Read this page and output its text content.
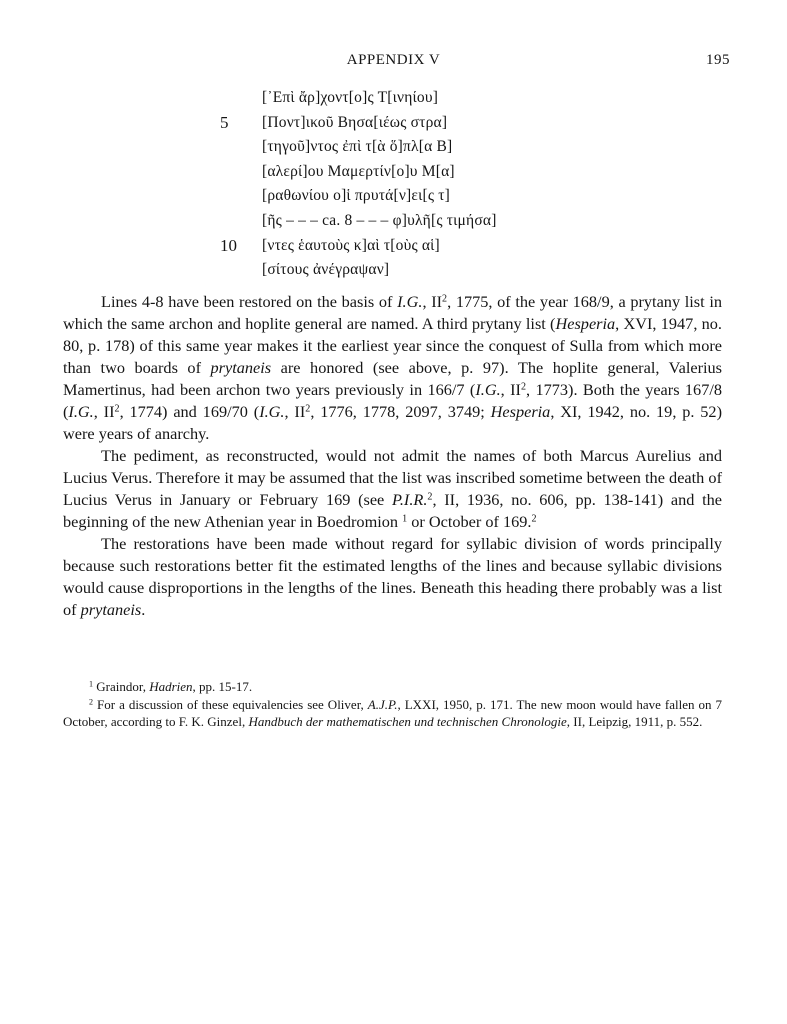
APPENDIX V	195
[᾿Επὶ ἄρ]χοντ[ο]ς Τ[ινηίου]
5	[Ποντ]ικοῦ Βησα[ιέως στρα]
[τηγοῦ]ντος ἐπὶ τ[ὰ ὅ]πλ[α Β]
[αλερί]ου Μαμερτίν[ο]υ Μ[α]
[ραθωνίου ο]ἱ πρυτά[ν]ει[ς τ]
[ῆς – – – ca. 8 – – – φ]υλῆ[ς τιμήσα]
10	[ντες ἑαυτοὺς κ]αὶ τ[οὺς αἱ]
[σίτους ἀνέγραψαν]

Lines 4-8 have been restored on the basis of I.G., $II^2$, 1775, of the year 168/9, a prytany list in which the same archon and hoplite general are named. A third prytany list (Hesperia, XVI, 1947, no. 80, p. 178) of this same year makes it the earliest year since the conquest of Sulla from which more than two boards of prytaneis are honored (see above, p. 97). The hoplite general, Valerius Mamertinus, had been archon two years previously in 166/7 (I.G., $II^2$, 1773). Both the years 167/8 (I.G., $II^2$, 1774) and 169/70 (I.G., $II^2$, 1776, 1778, 2097, 3749; Hesperia, XI, 1942, no. 19, p. 52) were years of anarchy.

The pediment, as reconstructed, would not admit the names of both Marcus Aurelius and Lucius Verus. Therefore it may be assumed that the list was inscribed sometime between the death of Lucius Verus in January or February 169 (see P.I.R.$^2$, II, 1936, no. 606, pp. 138-141) and the beginning of the new Athenian year in Boedromion $^1$ or October of 169.$^2$

The restorations have been made without regard for syllabic division of words principally because such restorations better fit the estimated lengths of the lines and because syllabic divisions would cause disproportions in the lengths of the lines. Beneath this heading there probably was a list of prytaneis.

$^1$ Graindor, Hadrien, pp. 15-17.

$^2$ For a discussion of these equivalencies see Oliver, A.J.P., LXXI, 1950, p. 171. The new moon would have fallen on 7 October, according to F. K. Ginzel, Handbuch der mathematischen und technischen Chronologie, II, Leipzig, 1911, p. 552.
